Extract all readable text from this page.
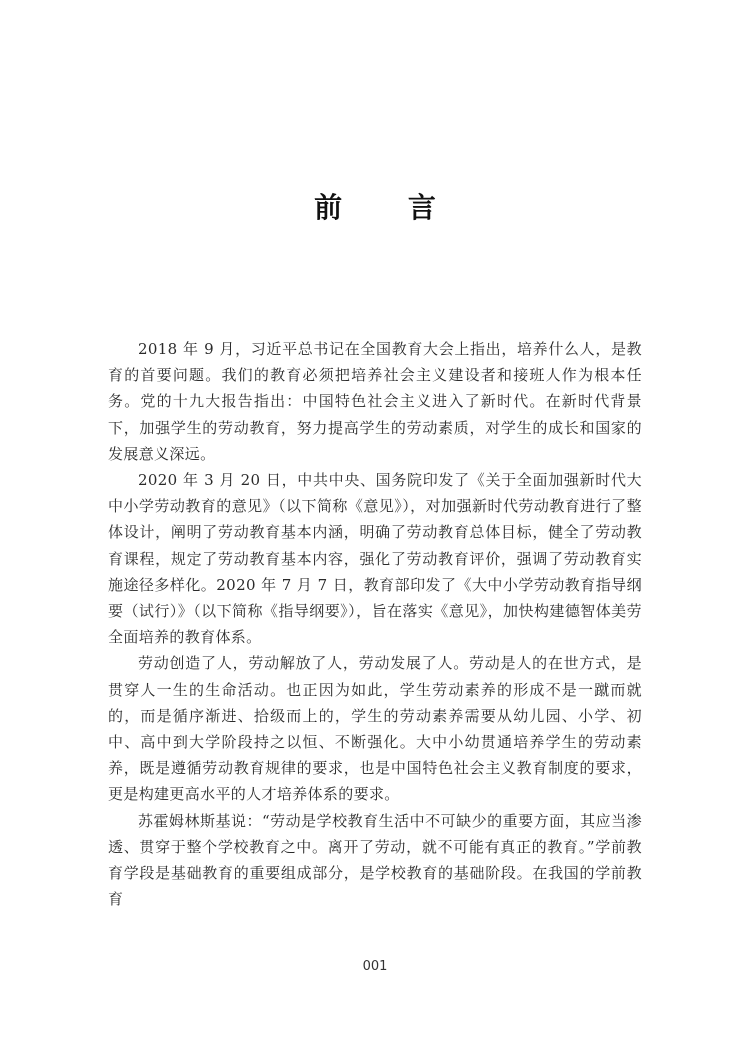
前 言

2018 年 9 月，习近平总书记在全国教育大会上指出，培养什么人，是教育的首要问题。我们的教育必须把培养社会主义建设者和接班人作为根本任务。党的十九大报告指出：中国特色社会主义进入了新时代。在新时代背景下，加强学生的劳动教育，努力提高学生的劳动素质，对学生的成长和国家的发展意义深远。

2020 年 3 月 20 日，中共中央、国务院印发了《关于全面加强新时代大中小学劳动教育的意见》（以下简称《意见》），对加强新时代劳动教育进行了整体设计，阐明了劳动教育基本内涵，明确了劳动教育总体目标，健全了劳动教育课程，规定了劳动教育基本内容，强化了劳动教育评价，强调了劳动教育实施途径多样化。2020 年 7 月 7 日，教育部印发了《大中小学劳动教育指导纲要（试行）》（以下简称《指导纲要》），旨在落实《意见》，加快构建德智体美劳全面培养的教育体系。

劳动创造了人，劳动解放了人，劳动发展了人。劳动是人的在世方式，是贯穿人一生的生命活动。也正因为如此，学生劳动素养的形成不是一蹴而就的，而是循序渐进、拾级而上的，学生的劳动素养需要从幼儿园、小学、初中、高中到大学阶段持之以恒、不断强化。大中小幼贯通培养学生的劳动素养，既是遵循劳动教育规律的要求，也是中国特色社会主义教育制度的要求，更是构建更高水平的人才培养体系的要求。

苏霍姆林斯基说：“劳动是学校教育生活中不可缺少的重要方面，其应当渗透、贯穿于整个学校教育之中。离开了劳动，就不可能有真正的教育。”学前教育学段是基础教育的重要组成部分，是学校教育的基础阶段。在我国的学前教育

001
